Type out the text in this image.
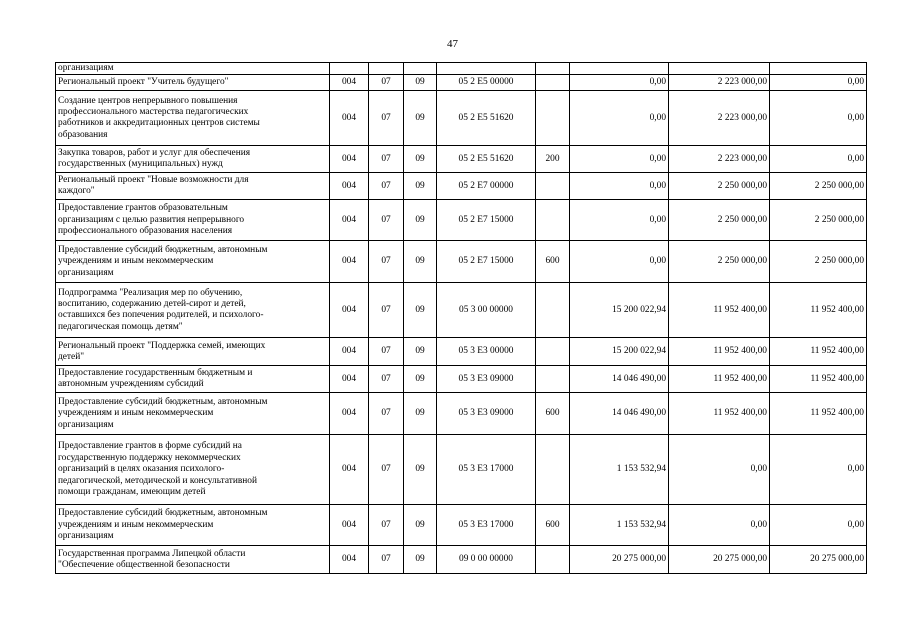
47
организациям								
Региональный проект "Учитель будущего"	004	07	09	05 2 E5 00000		0,00	2 223 000,00	0,00
Создание центров непрерывного повышения
профессионального мастерства педагогических
работников и аккредитационных центров системы
образования	004	07	09	05 2 E5 51620		0,00	2 223 000,00	0,00
Закупка товаров, работ и услуг для обеспечения
государственных (муниципальных) нужд	004	07	09	05 2 E5 51620	200	0,00	2 223 000,00	0,00
Региональный проект "Новые возможности для
каждого"	004	07	09	05 2 E7 00000		0,00	2 250 000,00	2 250 000,00
Предоставление грантов образовательным
организациям с целью развития непрерывного
профессионального образования населения	004	07	09	05 2 E7 15000		0,00	2 250 000,00	2 250 000,00
Предоставление субсидий бюджетным, автономным
учреждениям и иным некоммерческим
организациям	004	07	09	05 2 E7 15000	600	0,00	2 250 000,00	2 250 000,00
Подпрограмма "Реализация мер по обучению,
воспитанию, содержанию детей-сирот и детей,
оставшихся без попечения родителей, и психолого-
педагогическая помощь детям"	004	07	09	05 3 00 00000		15 200 022,94	11 952 400,00	11 952 400,00
Региональный проект "Поддержка семей, имеющих
детей"	004	07	09	05 3 E3 00000		15 200 022,94	11 952 400,00	11 952 400,00
Предоставление государственным бюджетным и
автономным учреждениям субсидий	004	07	09	05 3 E3 09000		14 046 490,00	11 952 400,00	11 952 400,00
Предоставление субсидий бюджетным, автономным
учреждениям и иным некоммерческим
организациям	004	07	09	05 3 E3 09000	600	14 046 490,00	11 952 400,00	11 952 400,00
Предоставление грантов в форме субсидий на
государственную поддержку некоммерческих
организаций в целях оказания психолого-
педагогической, методической и консультативной
помощи гражданам, имеющим детей	004	07	09	05 3 E3 17000		1 153 532,94	0,00	0,00
Предоставление субсидий бюджетным, автономным
учреждениям и иным некоммерческим
организациям	004	07	09	05 3 E3 17000	600	1 153 532,94	0,00	0,00
Государственная программа Липецкой области
"Обеспечение общественной безопасности	004	07	09	09 0 00 00000		20 275 000,00	20 275 000,00	20 275 000,00
